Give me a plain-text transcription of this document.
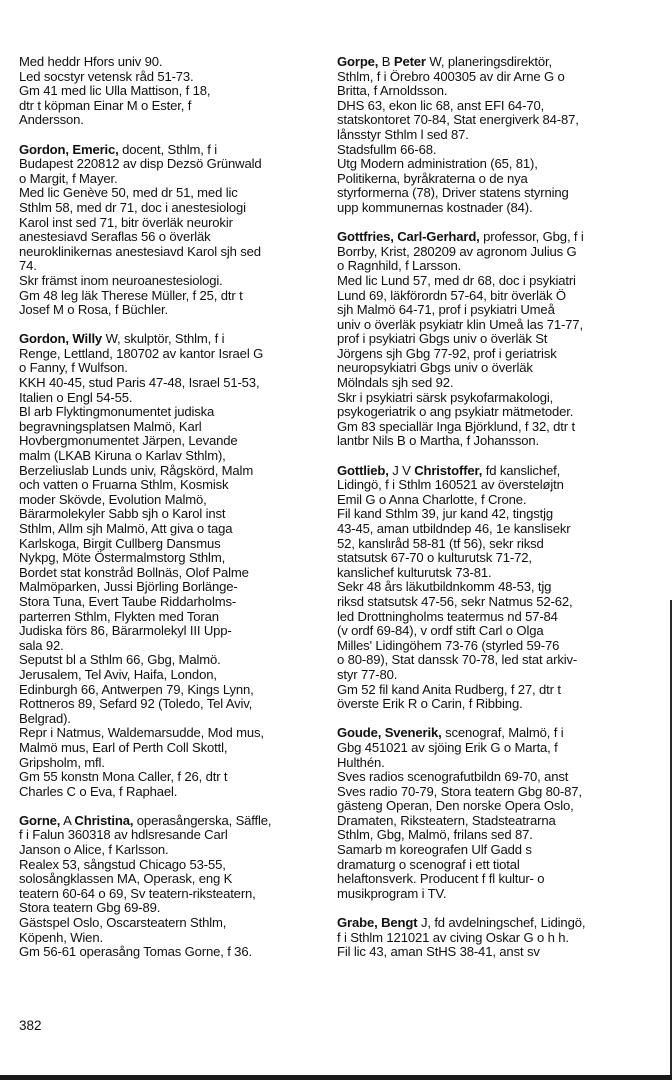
Med heddr Hfors univ 90.
Led socstyr vetensk råd 51-73.
Gm 41 med lic Ulla Mattison, f 18,
dtr t köpman Einar M o Ester, f
Andersson.
Gordon, Emeric, docent, Sthlm, f i
Budapest 220812 av disp Dezsö Grünwald
o Margit, f Mayer.
Med lic Genève 50, med dr 51, med lic
Sthlm 58, med dr 71, doc i anestesiologi
Karol inst sed 71, bitr överläk neurokir
anestesiavd Seraflas 56 o överläk
neuroklinikernas anestesiavd Karol sjh sed
74.
Skr främst inom neuroanestesiologi.
Gm 48 leg läk Therese Müller, f 25, dtr t
Josef M o Rosa, f Büchler.
Gordon, Willy W, skulptör, Sthlm, f i
Renge, Lettland, 180702 av kantor Israel G
o Fanny, f Wulfson.
KKH 40-45, stud Paris 47-48, Israel 51-53,
Italien o Engl 54-55.
Bl arb Flyktingmonumentet judiska
begravningsplatsen Malmö, Karl
Hovbergmonumentet Järpen, Levande
malm (LKAB Kiruna o Karlav Sthlm),
Berzeliuslab Lunds univ, Rågskörd, Malm
och vatten o Fruarna Sthlm, Kosmisk
moder Skövde, Evolution Malmö,
Bärarmolekyler Sabb sjh o Karol inst
Sthlm, Allm sjh Malmö, Att giva o taga
Karlskoga, Birgit Cullberg Dansmus
Nykpg, Möte Östermalmstorg Sthlm,
Bordet stat konstråd Bollnäs, Olof Palme
Malmöparken, Jussi Björling Borlänge-
Stora Tuna, Evert Taube Riddarholms-
parterren Sthlm, Flykten med Toran
Judiska förs 86, Bärarmolekyl III Upp-
sala 92.
Seputst bl a Sthlm 66, Gbg, Malmö.
Jerusalem, Tel Aviv, Haifa, London,
Edinburgh 66, Antwerpen 79, Kings Lynn,
Rottneros 89, Sefard 92 (Toledo, Tel Aviv,
Belgrad).
Repr i Natmus, Waldemarsudde, Mod mus,
Malmö mus, Earl of Perth Coll Skottl,
Gripsholm, mfl.
Gm 55 konstn Mona Caller, f 26, dtr t
Charles C o Eva, f Raphael.
Gorne, A Christina, operasångerska, Säffle,
f i Falun 360318 av hdlsresande Carl
Janson o Alice, f Karlsson.
Realex 53, sångstud Chicago 53-55,
solosångklassen MA, Operask, eng K
teatern 60-64 o 69, Sv teatern-riksteatern,
Stora teatern Gbg 69-89.
Gästspel Oslo, Oscarsteatern Sthlm,
Köpenh, Wien.
Gm 56-61 operasång Tomas Gorne, f 36.
Gorpe, B Peter W, planeringsdirektör,
Sthlm, f i Örebro 400305 av dir Arne G o
Britta, f Arnoldsson.
DHS 63, ekon lic 68, anst EFI 64-70,
statskontoret 70-84, Stat energiverk 84-87,
lånsstyr Sthlm l sed 87.
Stadsfullm 66-68.
Utg Modern administration (65, 81),
Politikerna, byråkraterna o de nya
styrformerna (78), Driver statens styrning
upp kommunernas kostnader (84).
Gottfries, Carl-Gerhard, professor, Gbg, f i
Borrby, Krist, 280209 av agronom Julius G
o Ragnhild, f Larsson.
Med lic Lund 57, med dr 68, doc i psykiatri
Lund 69, läkförordn 57-64, bitr överläk Ö
sjh Malmö 64-71, prof i psykiatri Umeå
univ o överläk psykiatr klin Umeå las 71-77,
prof i psykiatri Gbgs univ o överläk St
Jörgens sjh Gbg 77-92, prof i geriatrisk
neuropsykiatri Gbgs univ o överläk
Mölndals sjh sed 92.
Skr i psykiatri särsk psykofarmakologi,
psykogeriatrik o ang psykiatr mätmetoder.
Gm 83 speciallär Inga Björklund, f 32, dtr t
lantbr Nils B o Martha, f Johansson.
Gottlieb, J V Christoffer, fd kanslichef,
Lidingö, f i Sthlm 160521 av översteløjtn
Emil G o Anna Charlotte, f Crone.
Fil kand Sthlm 39, jur kand 42, tingstjg
43-45, aman utbildndep 46, 1e kanslisekr
52, kanslιråd 58-81 (tf 56), sekr riksd
statsutsk 67-70 o kulturutsk 71-72,
kanslichef kulturutsk 73-81.
Sekr 48 års läkutbildnkomm 48-53, tjg
riksd statsutsk 47-56, sekr Natmus 52-62,
led Drottningholms teatermus nd 57-84
(v ordf 69-84), v ordf stift Carl o Olga
Milles' Lidingöhem 73-76 (styrled 59-76
o 80-89), Stat danssk 70-78, led stat arkiv-
styr 77-80.
Gm 52 fil kand Anita Rudberg, f 27, dtr t
överste Erik R o Carin, f Ribbing.
Goude, Svenerik, scenograf, Malmö, f i
Gbg 451021 av sjöing Erik G o Marta, f
Hulthén.
Sves radios scenografutbildn 69-70, anst
Sves radio 70-79, Stora teatern Gbg 80-87,
gästeng Operan, Den norske Opera Oslo,
Dramaten, Riksteatern, Stadsteatrarna
Sthlm, Gbg, Malmö, frilans sed 87.
Samarb m koreografen Ulf Gadd s
dramaturg o scenograf i ett tiotal
helaftonsverk. Producent f fl kultur- o
musikprogram i TV.
Grabe, Bengt J, fd avdelningschef, Lidingö,
f i Sthlm 121021 av civing Oskar G o h h.
Fil lic 43, aman StHS 38-41, anst sv
382
